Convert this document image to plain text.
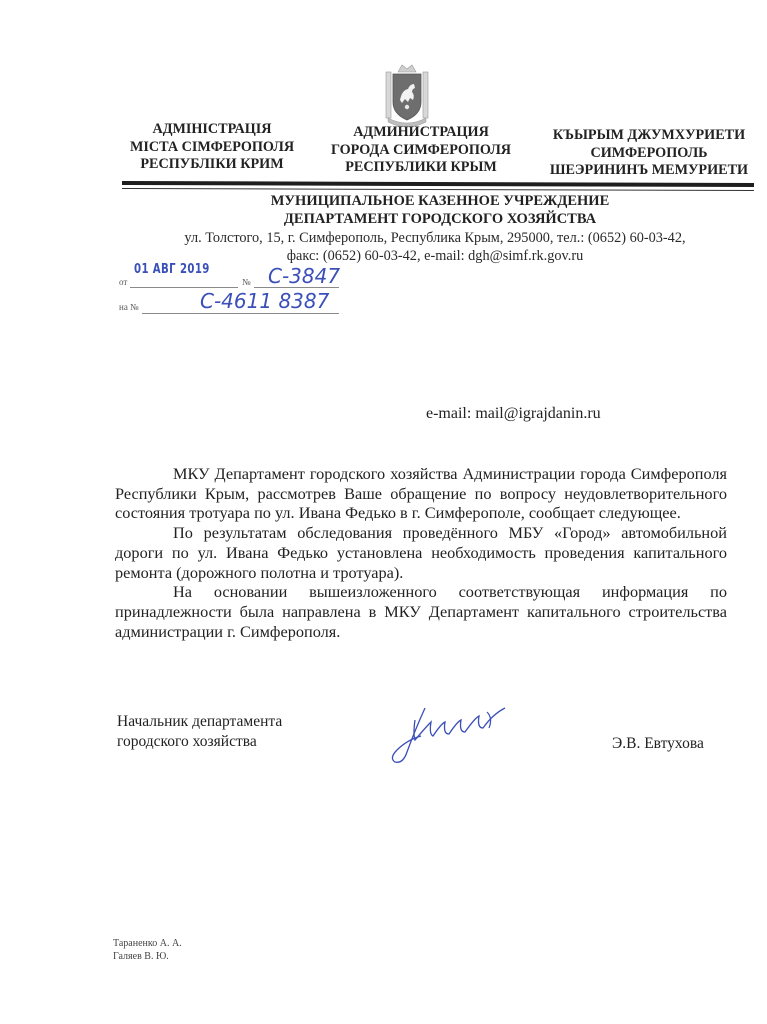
АДМІНІСТРАЦІЯ
МІСТА СІМФЕРОПОЛЯ
РЕСПУБЛІКИ КРИМ
АДМИНИСТРАЦИЯ
ГОРОДА СИМФЕРОПОЛЯ
РЕСПУБЛИКИ КРЫМ
КЪЫРЫМ ДЖУМХУРИЕТИ
СИМФЕРОПОЛЬ
ШЕЭРИНИНЪ МЕМУРИЕТИ
МУНИЦИПАЛЬНОЕ КАЗЕННОЕ УЧРЕЖДЕНИЕ
ДЕПАРТАМЕНТ ГОРОДСКОГО ХОЗЯЙСТВА
ул. Толстого, 15, г. Симферополь, Республика Крым, 295000, тел.: (0652) 60-03-42,
факс: (0652) 60-03-42, e-mail: dgh@simf.rk.gov.ru
от
01 АВГ 2019
№ С-3847
на №	С-4611 8387
e-mail: mail@igrajdanin.ru

МКУ Департамент городского хозяйства Администрации города Симферополя Республики Крым, рассмотрев Ваше обращение по вопросу неудовлетворительного состояния тротуара по ул. Ивана Федько в г. Симферополе, сообщает следующее.

По результатам обследования проведённого МБУ «Город» автомобильной дороги по ул. Ивана Федько установлена необходимость проведения капитального ремонта (дорожного полотна и тротуара).

На основании вышеизложенного соответствующая информация по принадлежности была направлена в МКУ Департамент капитального строительства администрации г. Симферополя.

Начальник департамента
городского хозяйства	Э.В. Евтухова
Тараненко А. А.
Галяев В. Ю.
